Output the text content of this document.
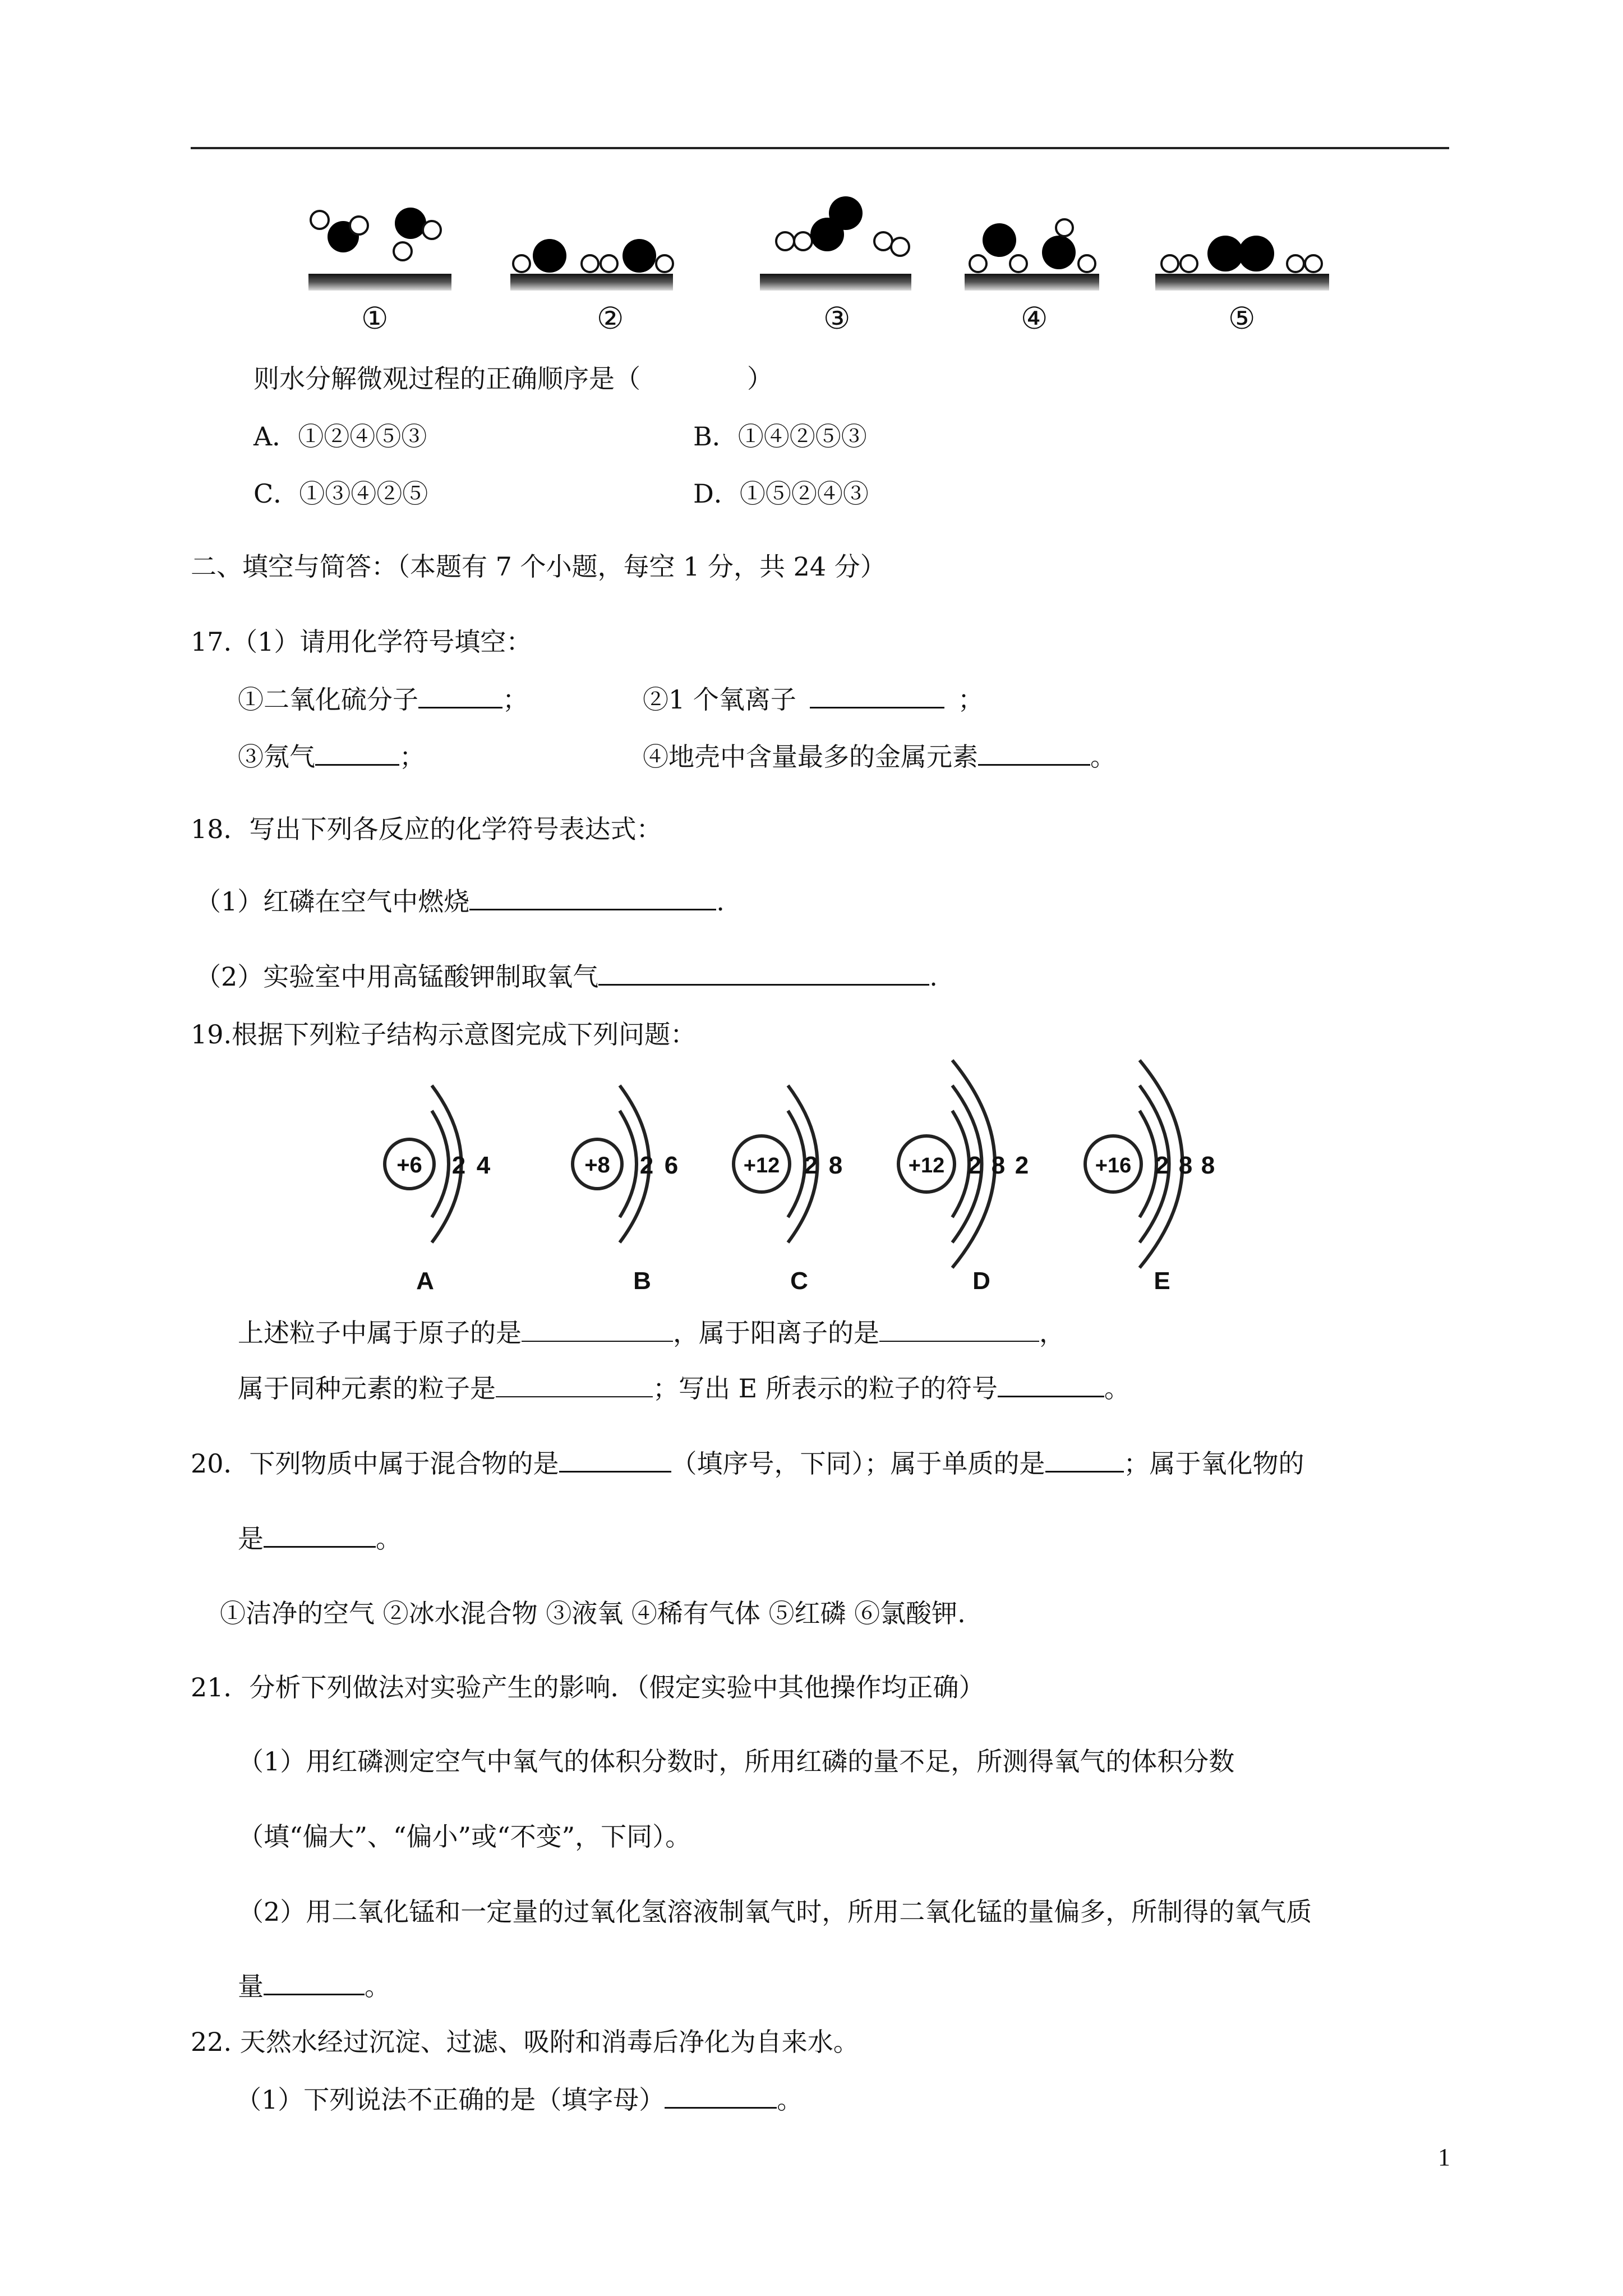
①	②	③	④	⑤
则水分解微观过程的正确顺序是（	）
A．①②④⑤③	B．①④②⑤③
C．①③④②⑤	D．①⑤②④③
二、填空与简答：（本题有 7 个小题，每空 1 分，共 24 分）
17.（1）请用化学符号填空：
①二氧化硫分子	；	②1 个氧离子	；
③氖气	；	④地壳中含量最多的金属元素	。
18．写出下列各反应的化学符号表达式：
（1）红磷在空气中燃烧	.
（2）实验室中用高锰酸钾制取氧气	.
19.根据下列粒子结构示意图完成下列问题：
+6 2 4	+8 2 6	+12 2 8	+12 2 8 2	+16 2 8 8
A	B	C	D	E
上述粒子中属于原子的是	，属于阳离子的是	，
属于同种元素的粒子是	；写出 E 所表示的粒子的符号	。
20．下列物质中属于混合物的是	（填序号，下同）；属于单质的是	；属于氧化物的
是	。
①洁净的空气 ②冰水混合物 ③液氧 ④稀有气体 ⑤红磷 ⑥氯酸钾.
21．分析下列做法对实验产生的影响．（假定实验中其他操作均正确）
（1）用红磷测定空气中氧气的体积分数时，所用红磷的量不足，所测得氧气的体积分数
（填“偏大”、“偏小”或“不变”，下同）。
（2）用二氧化锰和一定量的过氧化氢溶液制氧气时，所用二氧化锰的量偏多，所制得的氧气质
量	。
22. 天然水经过沉淀、过滤、吸附和消毒后净化为自来水。
（1）下列说法不正确的是（填字母）	。
1
